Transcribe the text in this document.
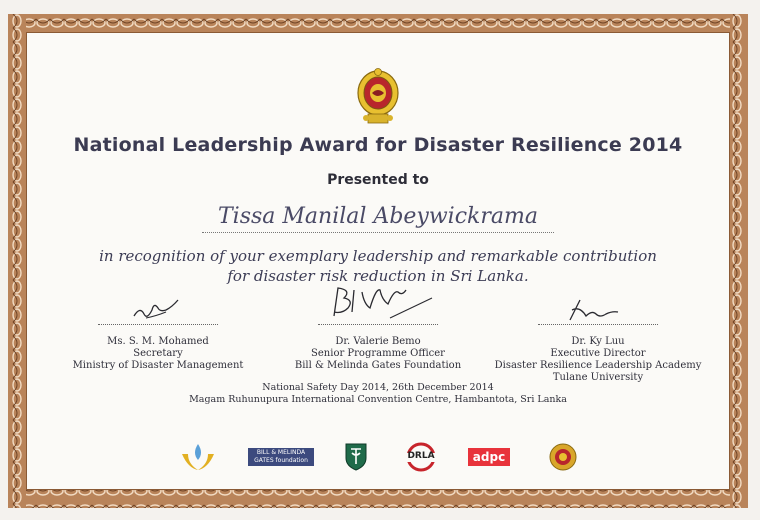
National Leadership Award for Disaster Resilience 2014
Presented to
Tissa Manilal Abeywickrama
in recognition of your exemplary leadership and remarkable contribution
for disaster risk reduction in Sri Lanka.
Ms. S. M. Mohamed
Secretary
Ministry of Disaster Management
Dr. Valerie Bemo
Senior Programme Officer
Bill & Melinda Gates Foundation
Dr. Ky Luu
Executive Director
Disaster Resilience Leadership Academy
Tulane University
National Safety Day 2014, 26th December 2014
Magam Ruhunupura International Convention Centre, Hambantota, Sri Lanka
BILL & MELINDA GATES foundation	DRLA	adpc
